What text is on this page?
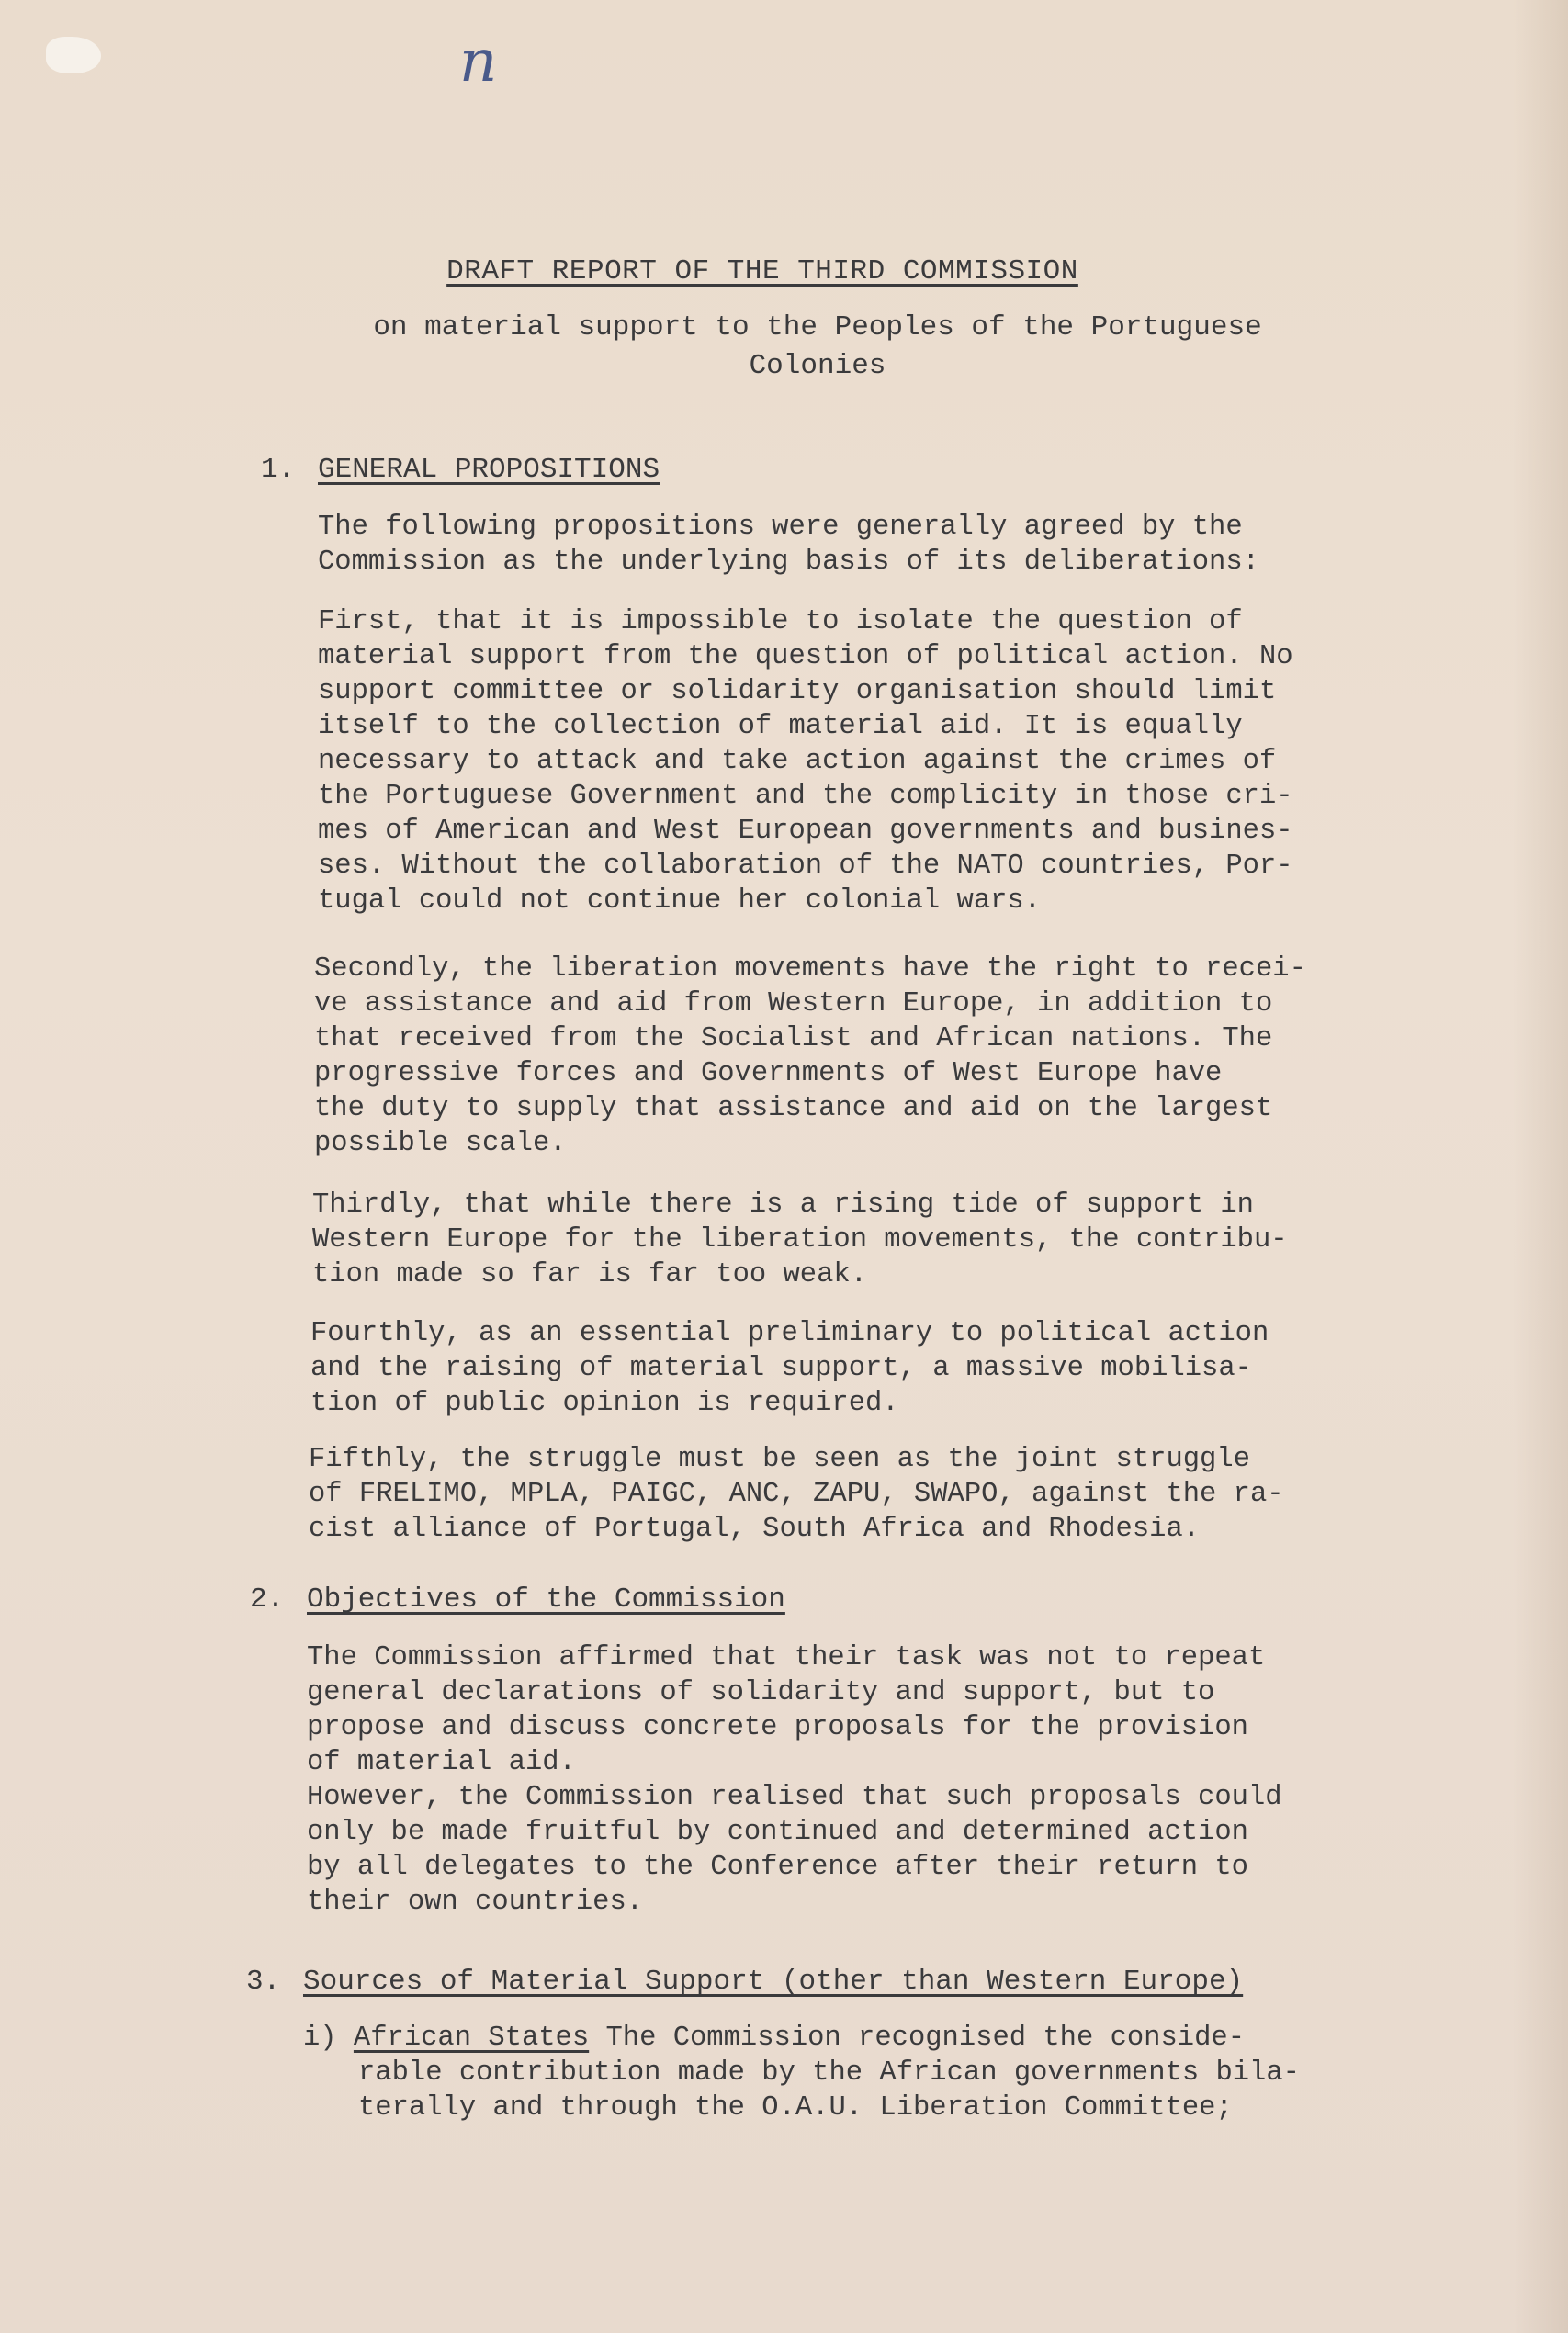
n
DRAFT REPORT OF THE THIRD COMMISSION
on material support to the Peoples of the Portuguese
Colonies
1. GENERAL PROPOSITIONS
The following propositions were generally agreed by the
Commission as the underlying basis of its deliberations:
First, that it is impossible to isolate the question of
material support from the question of political action. No
support committee or solidarity organisation should limit
itself to the collection of material aid. It is equally
necessary to attack and take action against the crimes of
the Portuguese Government and the complicity in those cri-
mes of American and West European governments and busines-
ses. Without the collaboration of the NATO countries, Por-
tugal could not continue her colonial wars.
Secondly, the liberation movements have the right to recei-
ve assistance and aid from Western Europe, in addition to
that received from the Socialist and African nations. The
progressive forces and Governments of West Europe have
the duty to supply that assistance and aid on the largest
possible scale.
Thirdly, that while there is a rising tide of support in
Western Europe for the liberation movements, the contribu-
tion made so far is far too weak.
Fourthly, as an essential preliminary to political action
and the raising of material support, a massive mobilisa-
tion of public opinion is required.
Fifthly, the struggle must be seen as the joint struggle
of FRELIMO, MPLA, PAIGC, ANC, ZAPU, SWAPO, against the ra-
cist alliance of Portugal, South Africa and Rhodesia.
2. Objectives of the Commission
The Commission affirmed that their task was not to repeat
general declarations of solidarity and support, but to
propose and discuss concrete proposals for the provision
of material aid.
However, the Commission realised that such proposals could
only be made fruitful by continued and determined action
by all delegates to the Conference after their return to
their own countries.
3. Sources of Material Support (other than Western Europe)
i) African States The Commission recognised the conside-
rable contribution made by the African governments bila-
terally and through the O.A.U. Liberation Committee;
